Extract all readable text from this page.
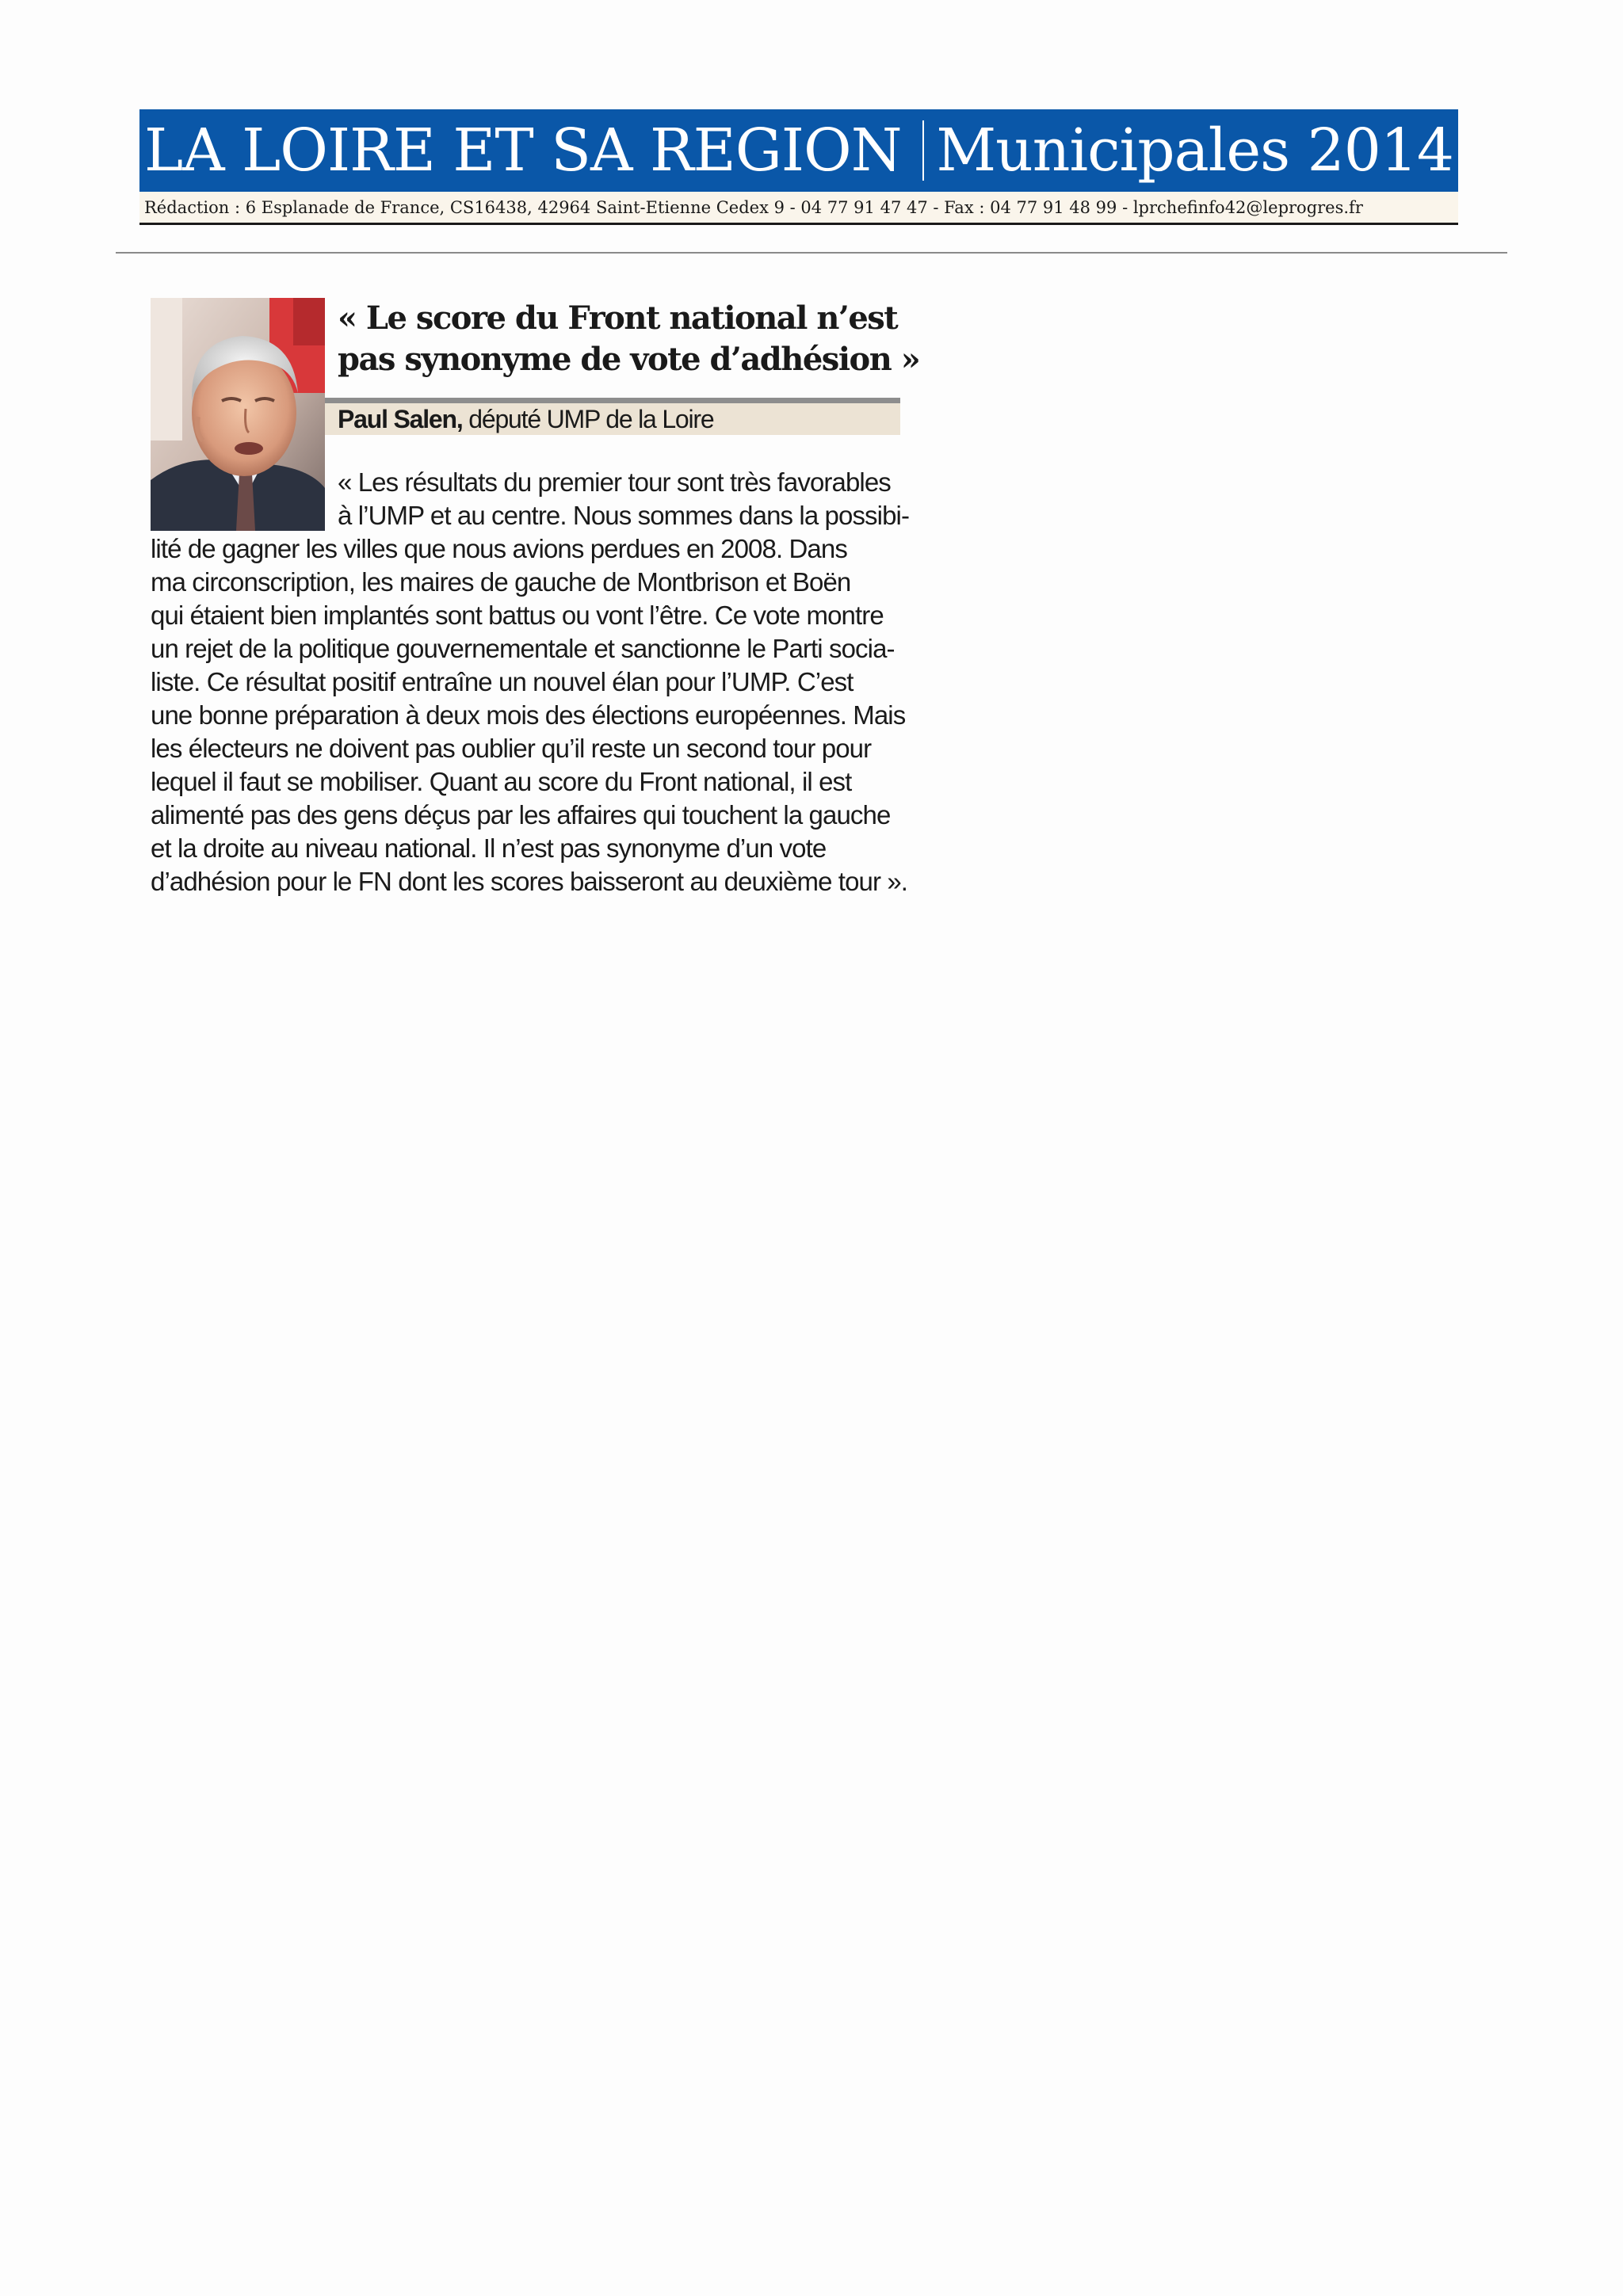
LA LOIRE ET SA REGION Municipales 2014
Rédaction : 6 Esplanade de France, CS16438, 42964 Saint-Etienne Cedex 9 - 04 77 91 47 47 - Fax : 04 77 91 48 99 - lprchefinfo42@leprogres.fr
« Le score du Front national n’est
pas synonyme de vote d’adhésion »
Paul Salen, député UMP de la Loire
« Les résultats du premier tour sont très favorables
à l’UMP et au centre. Nous sommes dans la possibi-
lité de gagner les villes que nous avions perdues en 2008. Dans
ma circonscription, les maires de gauche de Montbrison et Boën
qui étaient bien implantés sont battus ou vont l’être. Ce vote montre
un rejet de la politique gouvernementale et sanctionne le Parti socia-
liste. Ce résultat positif entraîne un nouvel élan pour l’UMP. C’est
une bonne préparation à deux mois des élections européennes. Mais
les électeurs ne doivent pas oublier qu’il reste un second tour pour
lequel il faut se mobiliser. Quant au score du Front national, il est
alimenté pas des gens déçus par les affaires qui touchent la gauche
et la droite au niveau national. Il n’est pas synonyme d’un vote
d’adhésion pour le FN dont les scores baisseront au deuxième tour ».
